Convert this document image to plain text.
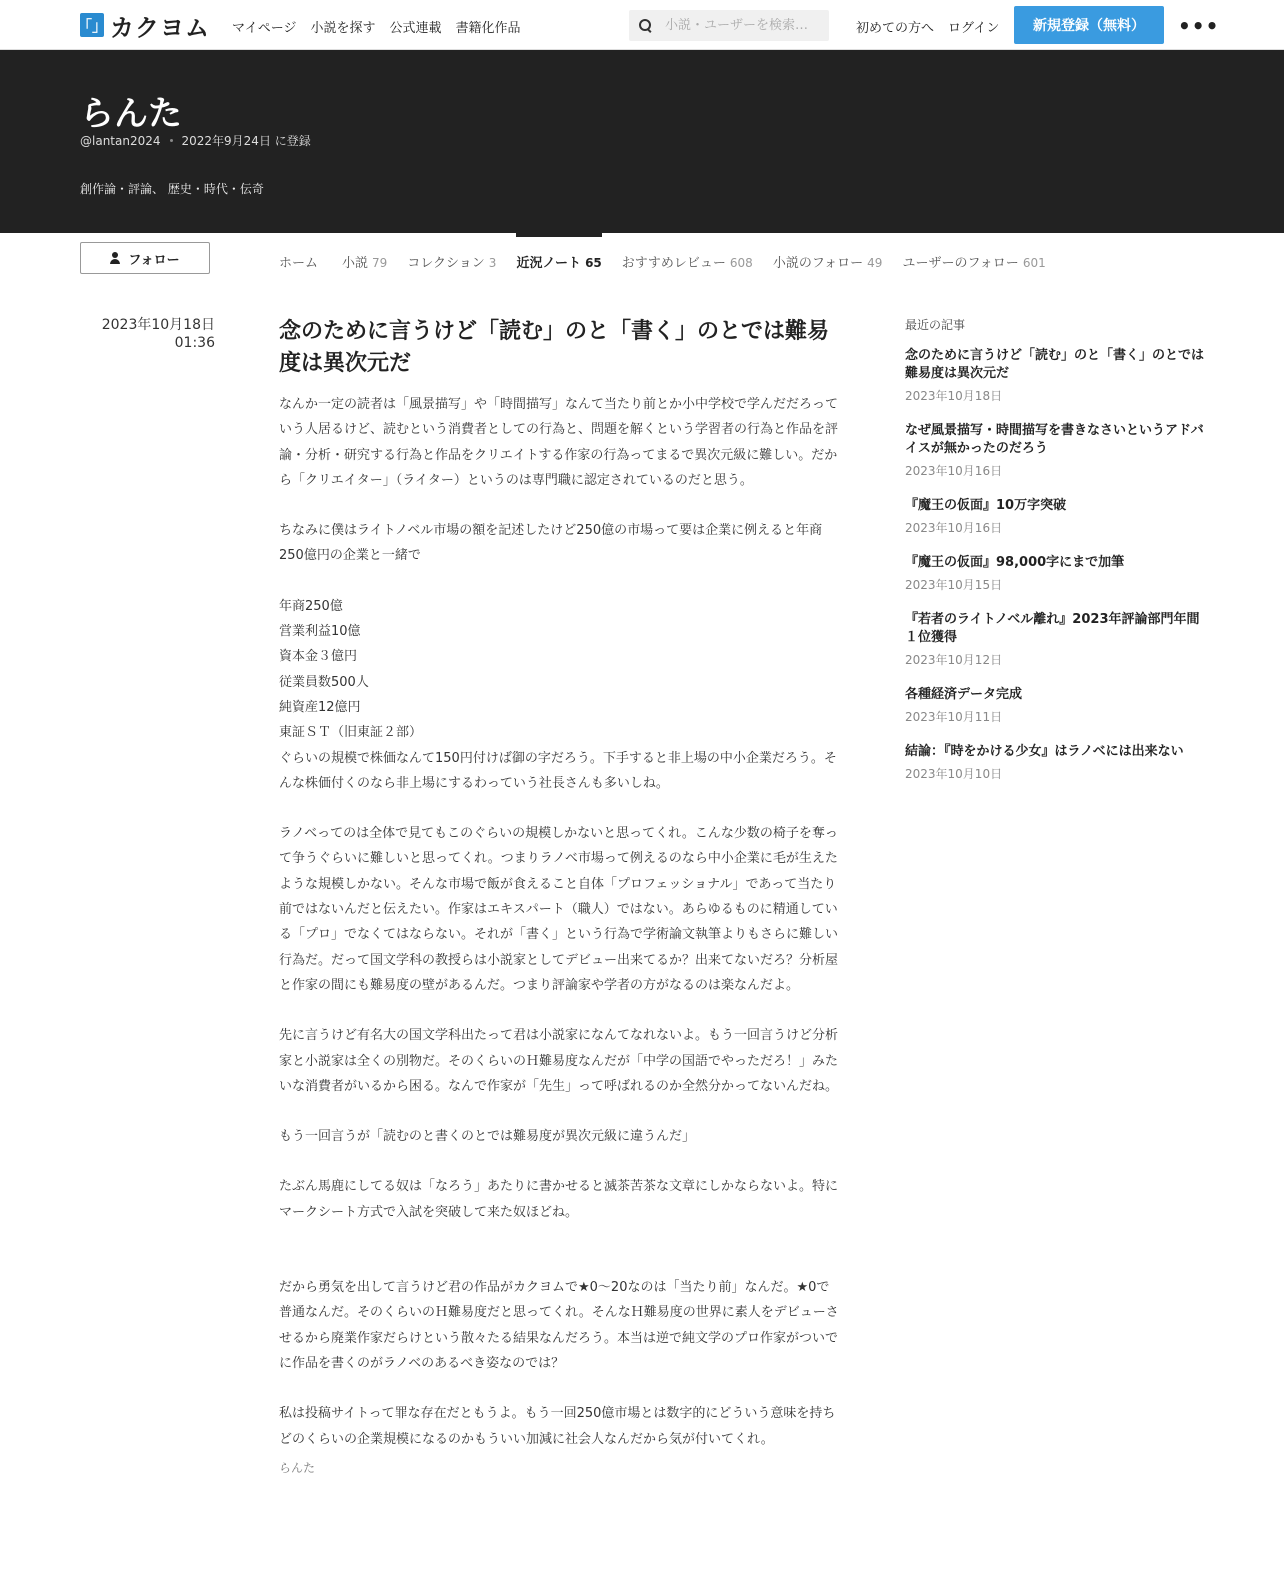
「」 カクヨム マイページ 小説を探す 公式連載 書籍化作品
小説・ユーザーを検索…	初めての方へ ログイン	新規登録（無料）	•••
らんた
@lantan2024 2022年9月24日 に登録
創作論・評論、 歴史・時代・伝奇
フォロー	ホーム	小説 79 コレクション 3 近況ノート 65 おすすめレビュー 608 小説のフォロー 49 ユーザーのフォロー 601
2023年10月18日
01:36	念のために言うけど「読む」のと「書く」のとでは難易度は異次元だ

なんか一定の読者は「風景描写」や「時間描写」なんて当たり前とか小中学校で学んだだろっていう人居るけど、読むという消費者としての行為と、問題を解くという学習者の行為と作品を評論・分析・研究する行為と作品をクリエイトする作家の行為ってまるで異次元級に難しい。だから「クリエイター」（ライター）というのは専門職に認定されているのだと思う。

ちなみに僕はライトノベル市場の額を記述したけど250億の市場って要は企業に例えると年商250億円の企業と一緒で

年商250億
営業利益10億
資本金３億円
従業員数500人
純資産12億円
東証ＳＴ（旧東証２部）
ぐらいの規模で株価なんて150円付けば御の字だろう。下手すると非上場の中小企業だろう。そんな株価付くのなら非上場にするわっていう社長さんも多いしね。

ラノベってのは全体で見てもこのぐらいの規模しかないと思ってくれ。こんな少数の椅子を奪って争うぐらいに難しいと思ってくれ。つまりラノベ市場って例えるのなら中小企業に毛が生えたような規模しかない。そんな市場で飯が食えること自体「プロフェッショナル」であって当たり前ではないんだと伝えたい。作家はエキスパート（職人）ではない。あらゆるものに精通している「プロ」でなくてはならない。それが「書く」という行為で学術論文執筆よりもさらに難しい行為だ。だって国文学科の教授らは小説家としてデビュー出来てるか？出来てないだろ？分析屋と作家の間にも難易度の壁があるんだ。つまり評論家や学者の方がなるのは楽なんだよ。

先に言うけど有名大の国文学科出たって君は小説家になんてなれないよ。もう一回言うけど分析家と小説家は全くの別物だ。そのくらいのＨ難易度なんだが「中学の国語でやっただろ！」みたいな消費者がいるから困る。なんで作家が「先生」って呼ばれるのか全然分かってないんだね。

もう一回言うが「読むのと書くのとでは難易度が異次元級に違うんだ」

たぶん馬鹿にしてる奴は「なろう」あたりに書かせると滅茶苦茶な文章にしかならないよ。特にマークシート方式で入試を突破して来た奴ほどね。

だから勇気を出して言うけど君の作品がカクヨムで★0〜20なのは「当たり前」なんだ。★0で普通なんだ。そのくらいのＨ難易度だと思ってくれ。そんなＨ難易度の世界に素人をデビューさせるから廃業作家だらけという散々たる結果なんだろう。本当は逆で純文学のプロ作家がついでに作品を書くのがラノベのあるべき姿なのでは？

私は投稿サイトって罪な存在だともうよ。もう一回250億市場とは数字的にどういう意味を持ちどのくらいの企業規模になるのかもういい加減に社会人なんだから気が付いてくれ。

らんた
最近の記事
念のために言うけど「読む」のと「書く」のとでは難易度は異次元だ
2023年10月18日
なぜ風景描写・時間描写を書きなさいというアドバイスが無かったのだろう
2023年10月16日
『魔王の仮面』10万字突破
2023年10月16日
『魔王の仮面』98,000字にまで加筆
2023年10月15日
『若者のライトノベル離れ』2023年評論部門年間１位獲得
2023年10月12日
各種経済データ完成
2023年10月11日
結論：『時をかける少女』はラノベには出来ない
2023年10月10日
